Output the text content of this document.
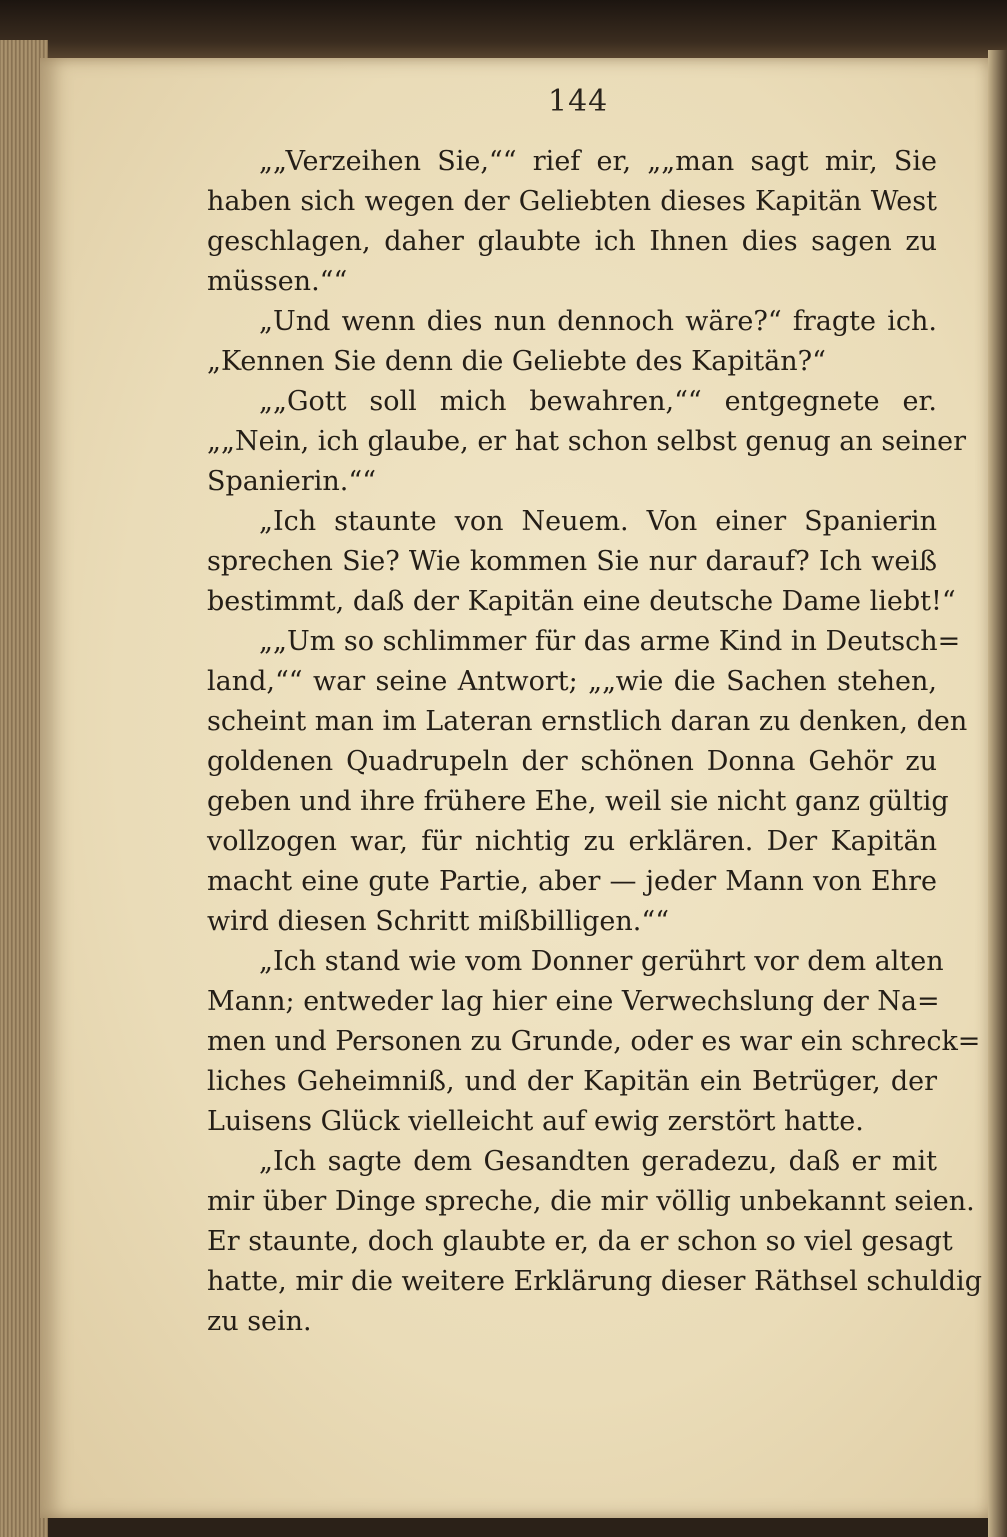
144
„„Verzeihen Sie,““ rief er, „„man sagt mir, Sie
haben sich wegen der Geliebten dieses Kapitän West
geschlagen, daher glaubte ich Ihnen dies sagen zu
müssen.““
„Und wenn dies nun dennoch wäre?“ fragte ich.
„Kennen Sie denn die Geliebte des Kapitän?“
„„Gott soll mich bewahren,““ entgegnete er.
„„Nein, ich glaube, er hat schon selbst genug an seiner
Spanierin.““
„Ich staunte von Neuem. Von einer Spanierin
sprechen Sie? Wie kommen Sie nur darauf? Ich weiß
bestimmt, daß der Kapitän eine deutsche Dame liebt!“
„„Um so schlimmer für das arme Kind in Deutsch=
land,““ war seine Antwort; „„wie die Sachen stehen,
scheint man im Lateran ernstlich daran zu denken, den
goldenen Quadrupeln der schönen Donna Gehör zu
geben und ihre frühere Ehe, weil sie nicht ganz gültig
vollzogen war, für nichtig zu erklären. Der Kapitän
macht eine gute Partie, aber — jeder Mann von Ehre
wird diesen Schritt mißbilligen.““
„Ich stand wie vom Donner gerührt vor dem alten
Mann; entweder lag hier eine Verwechslung der Na=
men und Personen zu Grunde, oder es war ein schreck=
liches Geheimniß, und der Kapitän ein Betrüger, der
Luisens Glück vielleicht auf ewig zerstört hatte.
„Ich sagte dem Gesandten geradezu, daß er mit
mir über Dinge spreche, die mir völlig unbekannt seien.
Er staunte, doch glaubte er, da er schon so viel gesagt
hatte, mir die weitere Erklärung dieser Räthsel schuldig
zu sein.
